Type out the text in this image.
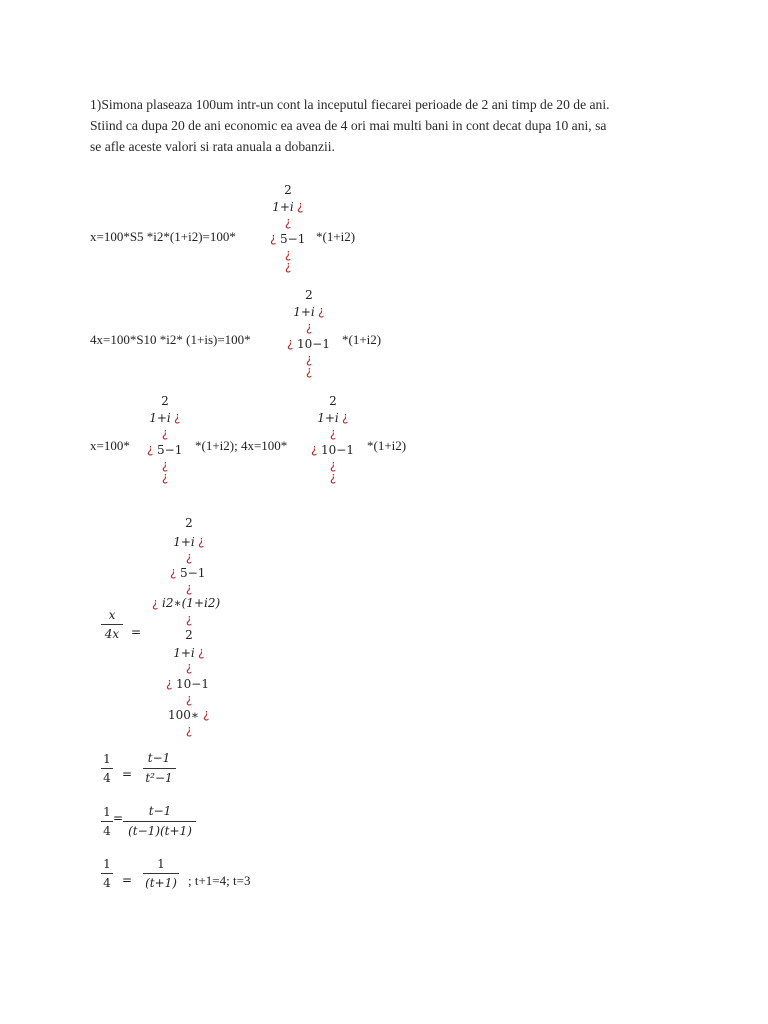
1)Simona plaseaza 100um intr-un cont la inceputul fiecarei perioade de 2 ani timp de 20 de ani.
Stiind ca dupa 20 de ani economic ea avea de 4 ori mai multi bani in cont decat dupa 10 ani, sa
se afle aceste valori si rata anuala a dobanzii.
x=100*S5 *i2*(1+i2)=100*
2
1+i ¿
¿
¿ 5−1
¿
¿
*(1+i2)
4x=100*S10 *i2* (1+is)=100*
2
1+i ¿
¿
¿ 10−1
¿
¿
*(1+i2)
x=100*
2
1+i ¿
¿
¿ 5−1
¿
¿
*(1+i2); 4x=100*
2
1+i ¿
¿
¿ 10−1
¿
¿
*(1+i2)
x
4x =
2
1+i ¿
¿
¿ 5−1
¿
¿ i2∗(1+i2)
¿
2
1+i ¿
¿
¿ 10−1
¿
100∗ ¿
¿
1
4 =
t−1
t²−1
1
4
= t−1
(t−1)(t+1)
1
4 =
1
(t+1) ; t+1=4; t=3
